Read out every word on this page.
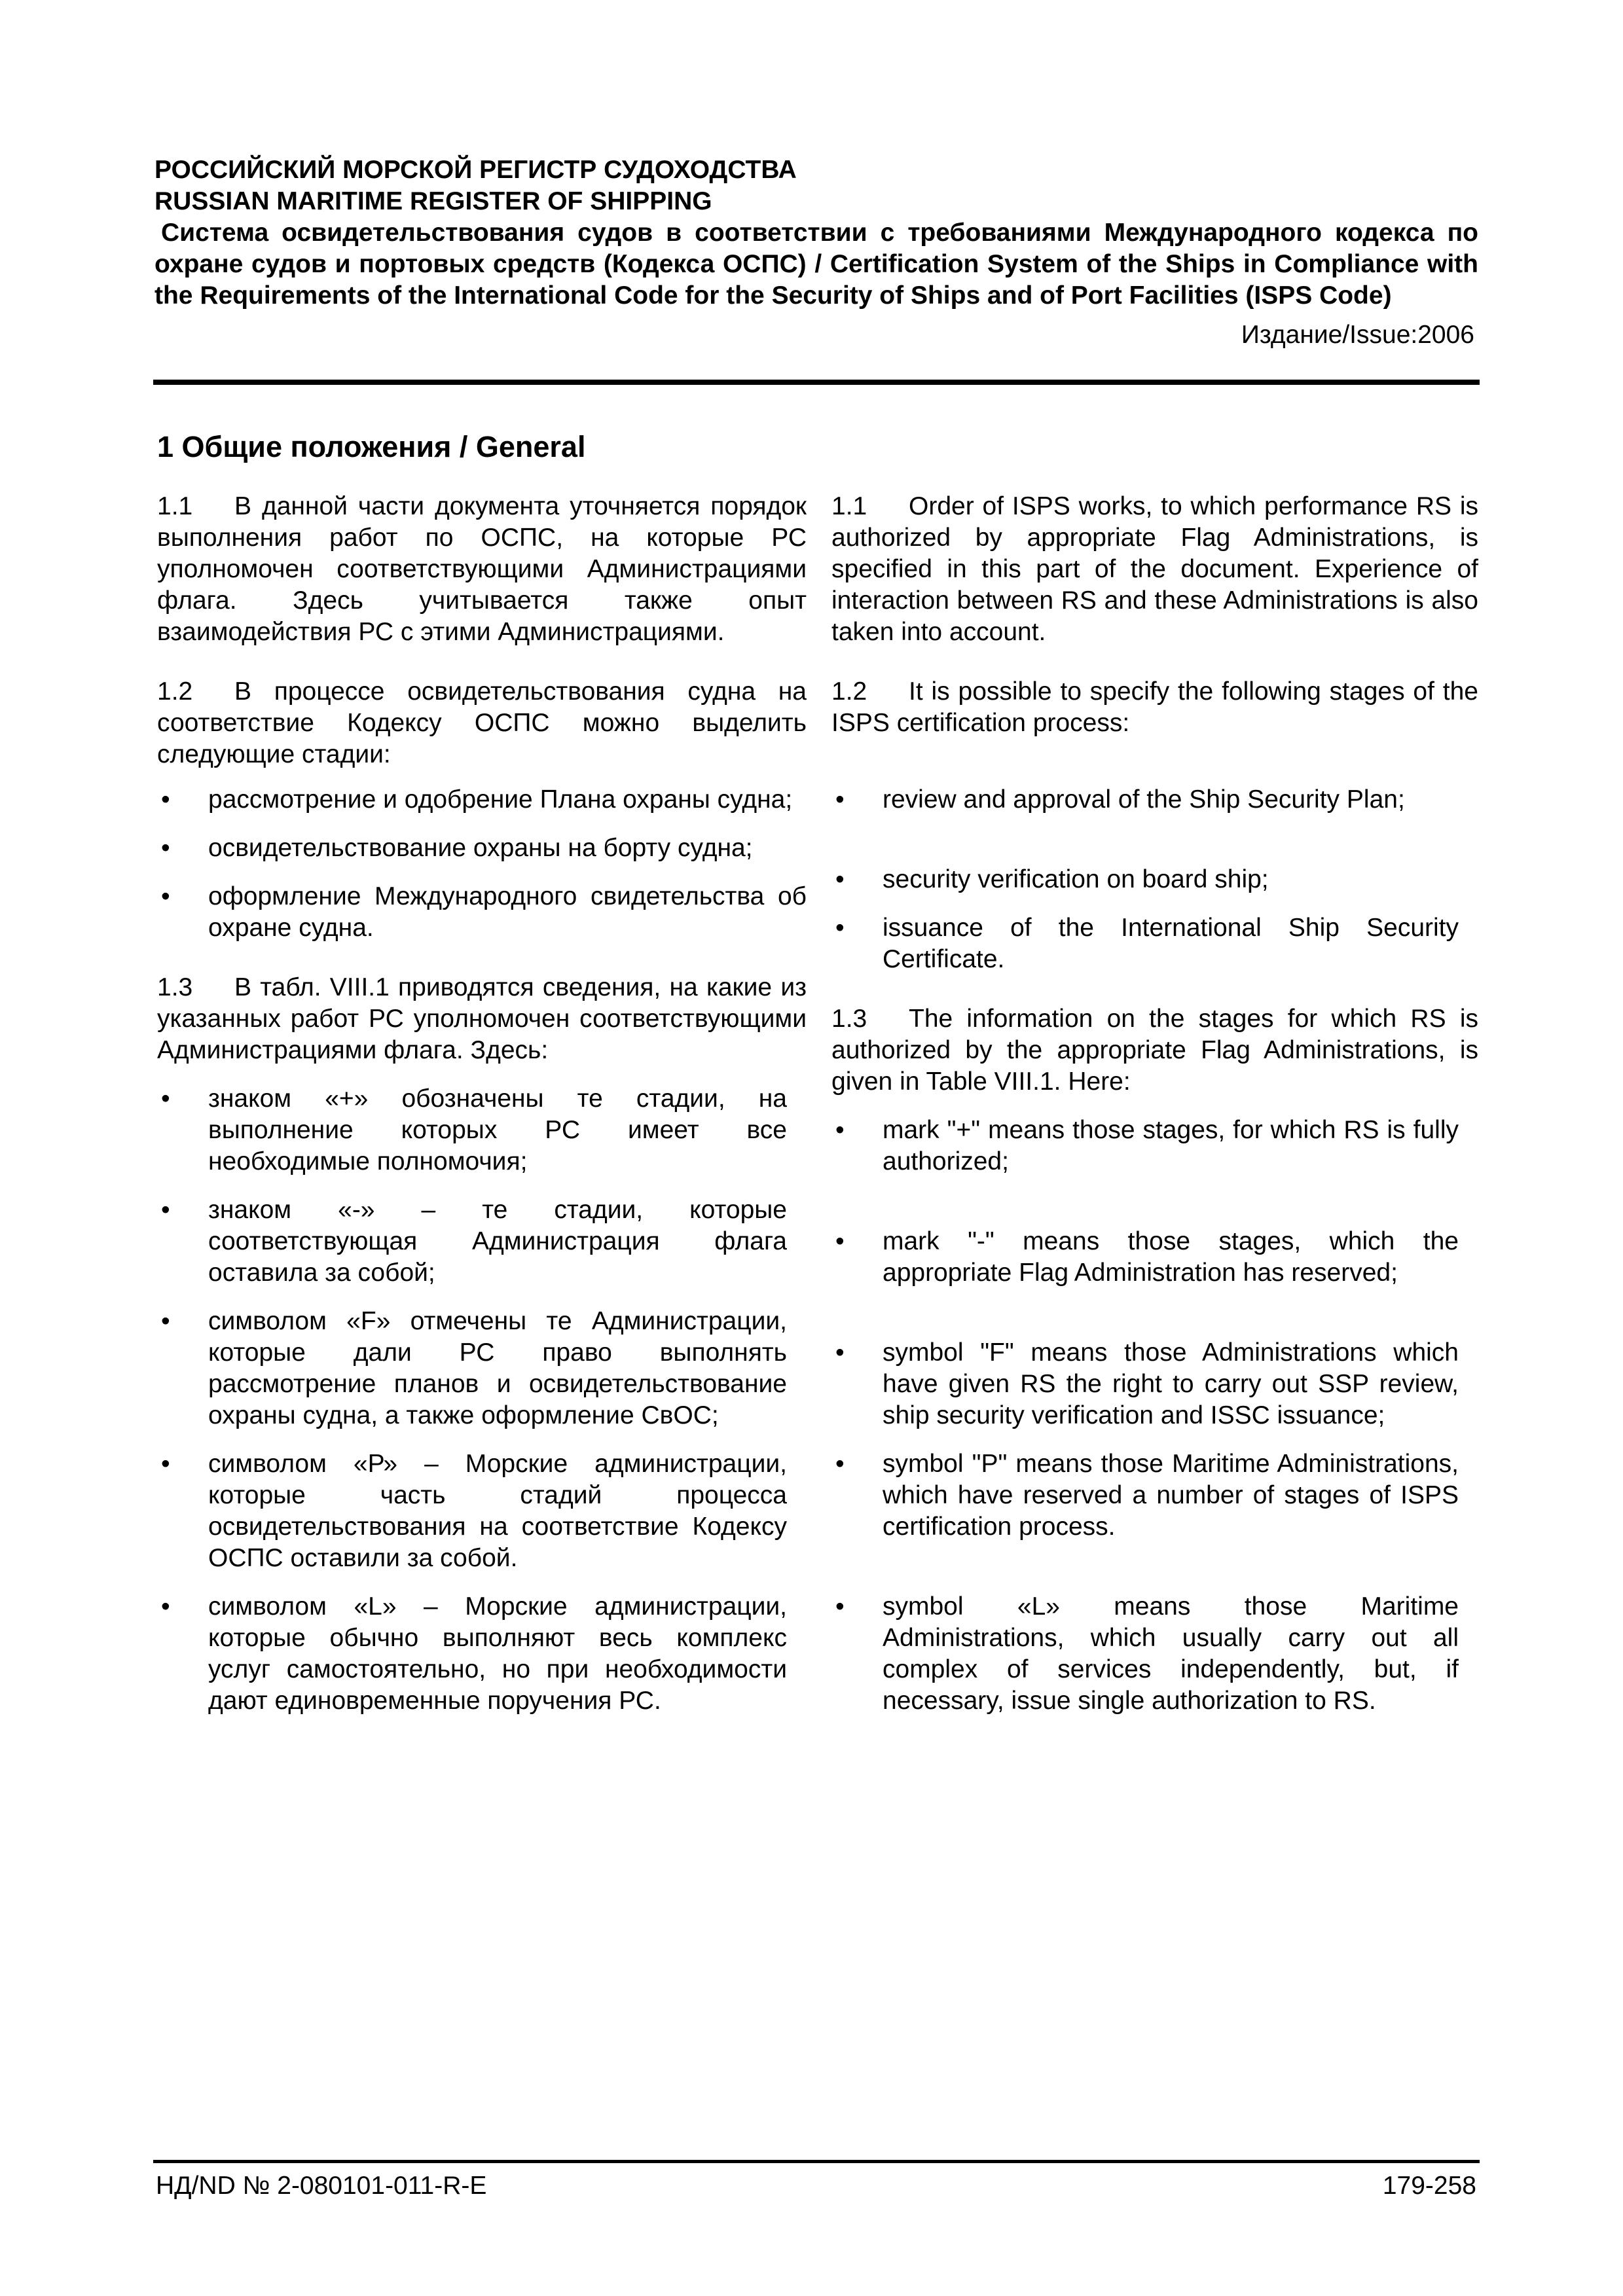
РОССИЙСКИЙ МОРСКОЙ РЕГИСТР СУДОХОДСТВА
RUSSIAN MARITIME REGISTER OF SHIPPING
Система освидетельствования судов в соответствии с требованиями Международного кодекса по охране судов и портовых средств (Кодекса ОСПС) / Certification System of the Ships in Compliance with the Requirements of the International Code for the Security of Ships and of Port Facilities (ISPS Code)
Издание/Issue:2006
1 Общие положения / General

1.1 В данной части документа уточняется порядок выполнения работ по ОСПС, на которые РС уполномочен соответствующими Администрациями флага. Здесь учитывается также опыт взаимодействия РС с этими Администрациями.

1.2 В процессе освидетельствования судна на соответствие Кодексу ОСПС можно выделить следующие стадии:

• рассмотрение и одобрение Плана охраны судна;
• освидетельствование охраны на борту судна;
• оформление Международного свидетельства об охране судна.

1.3 В табл. VIII.1 приводятся сведения, на какие из указанных работ РС уполномочен соответствующими Администрациями флага. Здесь:

• знаком «+» обозначены те стадии, на выполнение которых РС имеет все необходимые полномочия;
• знаком «-» – те стадии, которые соответствующая Администрация флага оставила за собой;
• символом «F» отмечены те Администрации, которые дали РС право выполнять рассмотрение планов и освидетельствование охраны судна, а также оформление СвОС;
• символом «Р» – Морские администрации, которые часть стадий процесса освидетельствования на соответствие Кодексу ОСПС оставили за собой.
• символом «L» – Морские администрации, которые обычно выполняют весь комплекс услуг самостоятельно, но при необходимости дают единовременные поручения РС.

1.1 Order of ISPS works, to which performance RS is authorized by appropriate Flag Administrations, is specified in this part of the document. Experience of interaction between RS and these Administrations is also taken into account.

1.2 It is possible to specify the following stages of the ISPS certification process:

• review and approval of the Ship Security Plan;
• security verification on board ship;
• issuance of the International Ship Security Certificate.

1.3 The information on the stages for which RS is authorized by the appropriate Flag Administrations, is given in Table VIII.1. Here:

• mark "+" means those stages, for which RS is fully authorized;
• mark "-" means those stages, which the appropriate Flag Administration has reserved;
• symbol "F" means those Administrations which have given RS the right to carry out SSP review, ship security verification and ISSC issuance;
• symbol "P" means those Maritime Administrations, which have reserved a number of stages of ISPS certification process.
• symbol «L» means those Maritime Administrations, which usually carry out all complex of services independently, but, if necessary, issue single authorization to RS.
НД/ND № 2-080101-011-R-E	179-258
